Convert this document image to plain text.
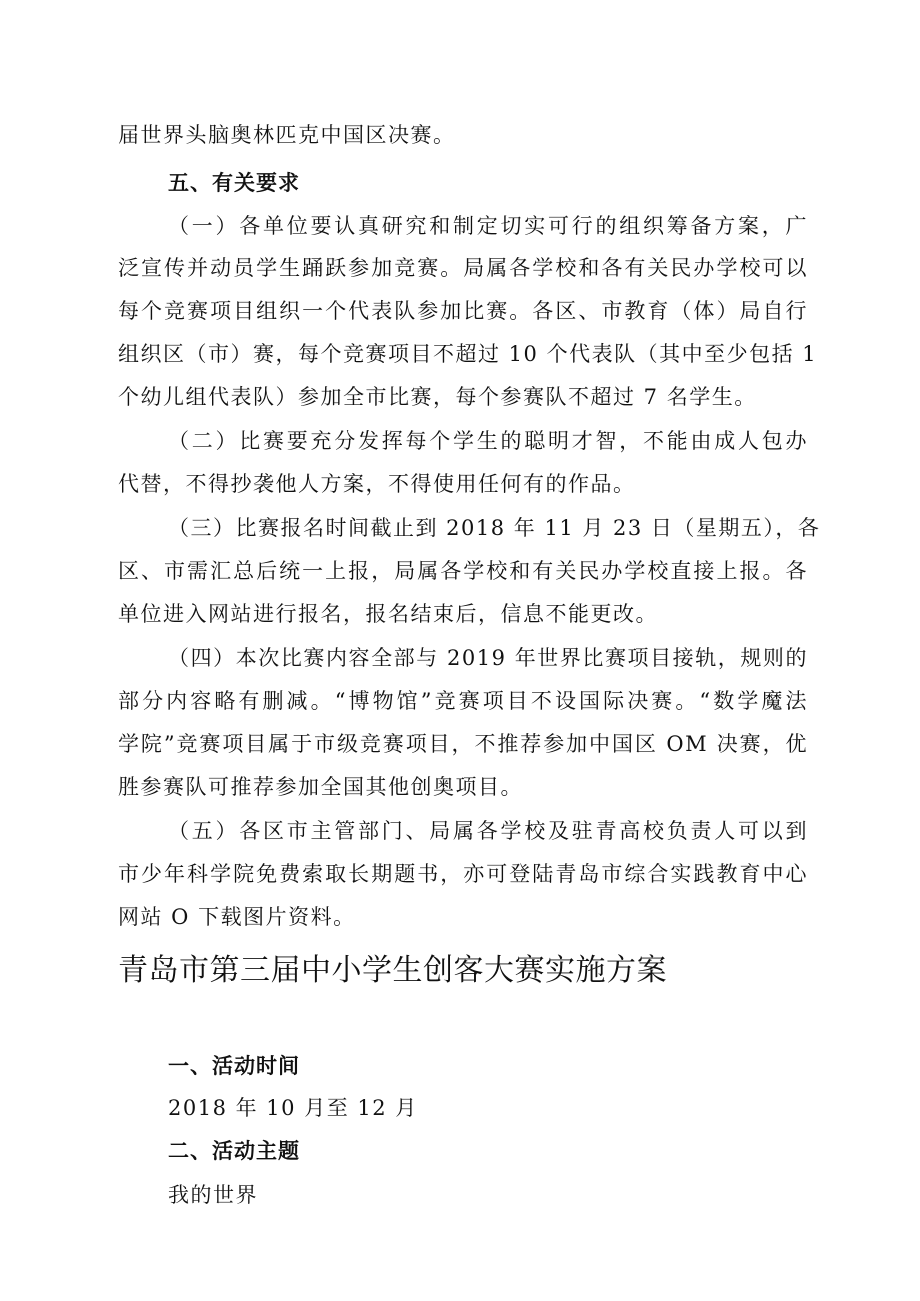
届世界头脑奥林匹克中国区决赛。
五、有关要求
（一）各单位要认真研究和制定切实可行的组织筹备方案，广
泛宣传并动员学生踊跃参加竞赛。局属各学校和各有关民办学校可以
每个竞赛项目组织一个代表队参加比赛。各区、市教育（体）局自行
组织区（市）赛，每个竞赛项目不超过 10 个代表队（其中至少包括 1
个幼儿组代表队）参加全市比赛，每个参赛队不超过 7 名学生。
（二）比赛要充分发挥每个学生的聪明才智，不能由成人包办
代替，不得抄袭他人方案，不得使用任何有的作品。
（三）比赛报名时间截止到 2018 年 11 月 23 日（星期五），各
区、市需汇总后统一上报，局属各学校和有关民办学校直接上报。各
单位进入网站进行报名，报名结束后，信息不能更改。
（四）本次比赛内容全部与 2019 年世界比赛项目接轨，规则的
部分内容略有删减。“博物馆”竞赛项目不设国际决赛。“数学魔法
学院”竞赛项目属于市级竞赛项目，不推荐参加中国区 OM 决赛，优
胜参赛队可推荐参加全国其他创奥项目。
（五）各区市主管部门、局属各学校及驻青高校负责人可以到
市少年科学院免费索取长期题书，亦可登陆青岛市综合实践教育中心
网站 O 下载图片资料。
青岛市第三届中小学生创客大赛实施方案
一、活动时间
2018 年 10 月至 12 月
二、活动主题
我的世界
